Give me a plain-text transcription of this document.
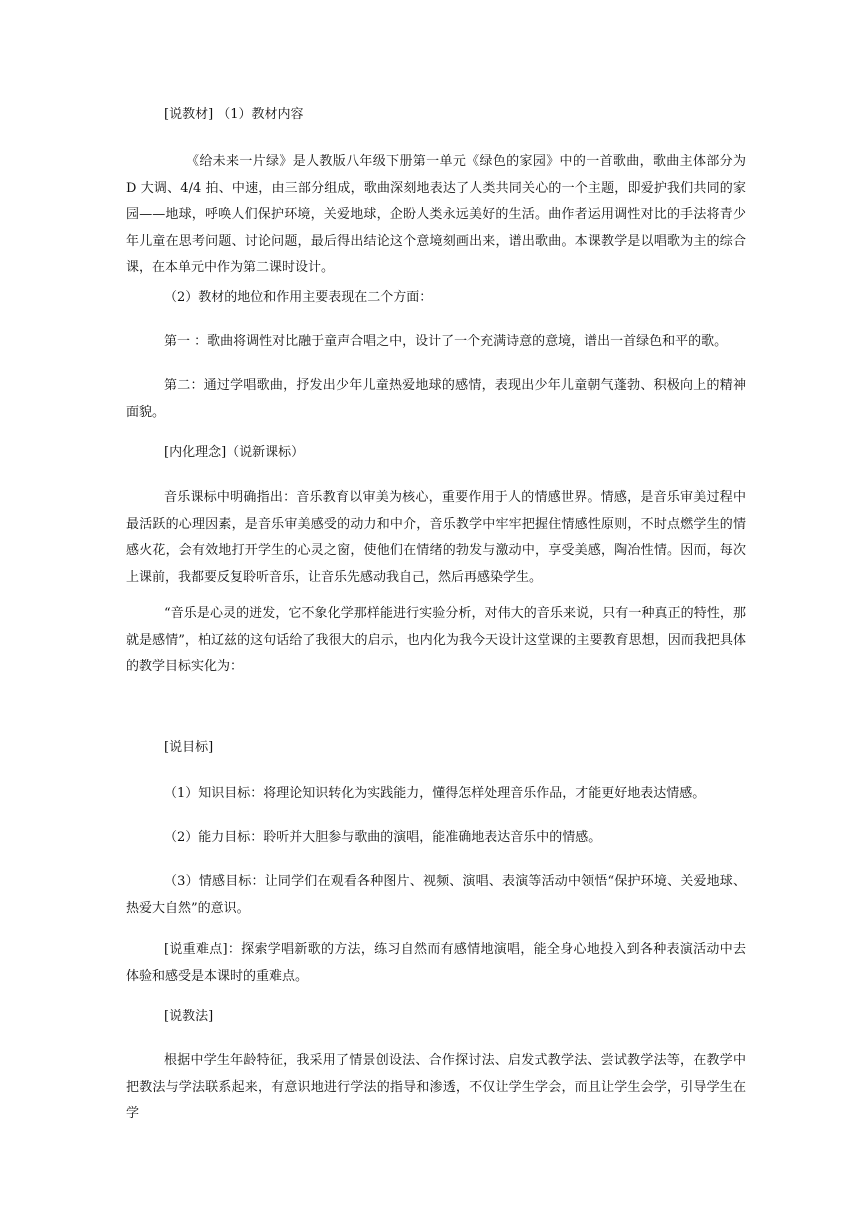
[说教材] （1）教材内容

《给未来一片绿》是人教版八年级下册第一单元《绿色的家园》中的一首歌曲，歌曲主体部分为 D 大调、4/4 拍、中速，由三部分组成，歌曲深刻地表达了人类共同关心的一个主题，即爱护我们共同的家园——地球，呼唤人们保护环境，关爱地球，企盼人类永远美好的生活。曲作者运用调性对比的手法将青少年儿童在思考问题、讨论问题，最后得出结论这个意境刻画出来，谱出歌曲。本课教学是以唱歌为主的综合课，在本单元中作为第二课时设计。

（2）教材的地位和作用主要表现在二个方面：

第一 ：歌曲将调性对比融于童声合唱之中，设计了一个充满诗意的意境，谱出一首绿色和平的歌。

第二：通过学唱歌曲，抒发出少年儿童热爱地球的感情，表现出少年儿童朝气蓬勃、积极向上的精神面貌。

[内化理念]（说新课标）

音乐课标中明确指出：音乐教育以审美为核心，重要作用于人的情感世界。情感，是音乐审美过程中最活跃的心理因素，是音乐审美感受的动力和中介，音乐教学中牢牢把握住情感性原则，不时点燃学生的情感火花，会有效地打开学生的心灵之窗，使他们在情绪的勃发与激动中，享受美感，陶冶性情。因而，每次上课前，我都要反复聆听音乐，让音乐先感动我自己，然后再感染学生。

“音乐是心灵的迸发，它不象化学那样能进行实验分析，对伟大的音乐来说，只有一种真正的特性，那就是感情”，柏辽兹的这句话给了我很大的启示，也内化为我今天设计这堂课的主要教育思想，因而我把具体的教学目标实化为：

[说目标]

（1）知识目标：将理论知识转化为实践能力，懂得怎样处理音乐作品，才能更好地表达情感。

（2）能力目标：聆听并大胆参与歌曲的演唱，能准确地表达音乐中的情感。

（3）情感目标：让同学们在观看各种图片、视频、演唱、表演等活动中领悟“保护环境、关爱地球、热爱大自然”的意识。

[说重难点]：探索学唱新歌的方法，练习自然而有感情地演唱，能全身心地投入到各种表演活动中去体验和感受是本课时的重难点。

[说教法]

根据中学生年龄特征，我采用了情景创设法、合作探讨法、启发式教学法、尝试教学法等，在教学中把教法与学法联系起来，有意识地进行学法的指导和渗透，不仅让学生学会，而且让学生会学，引导学生在学
